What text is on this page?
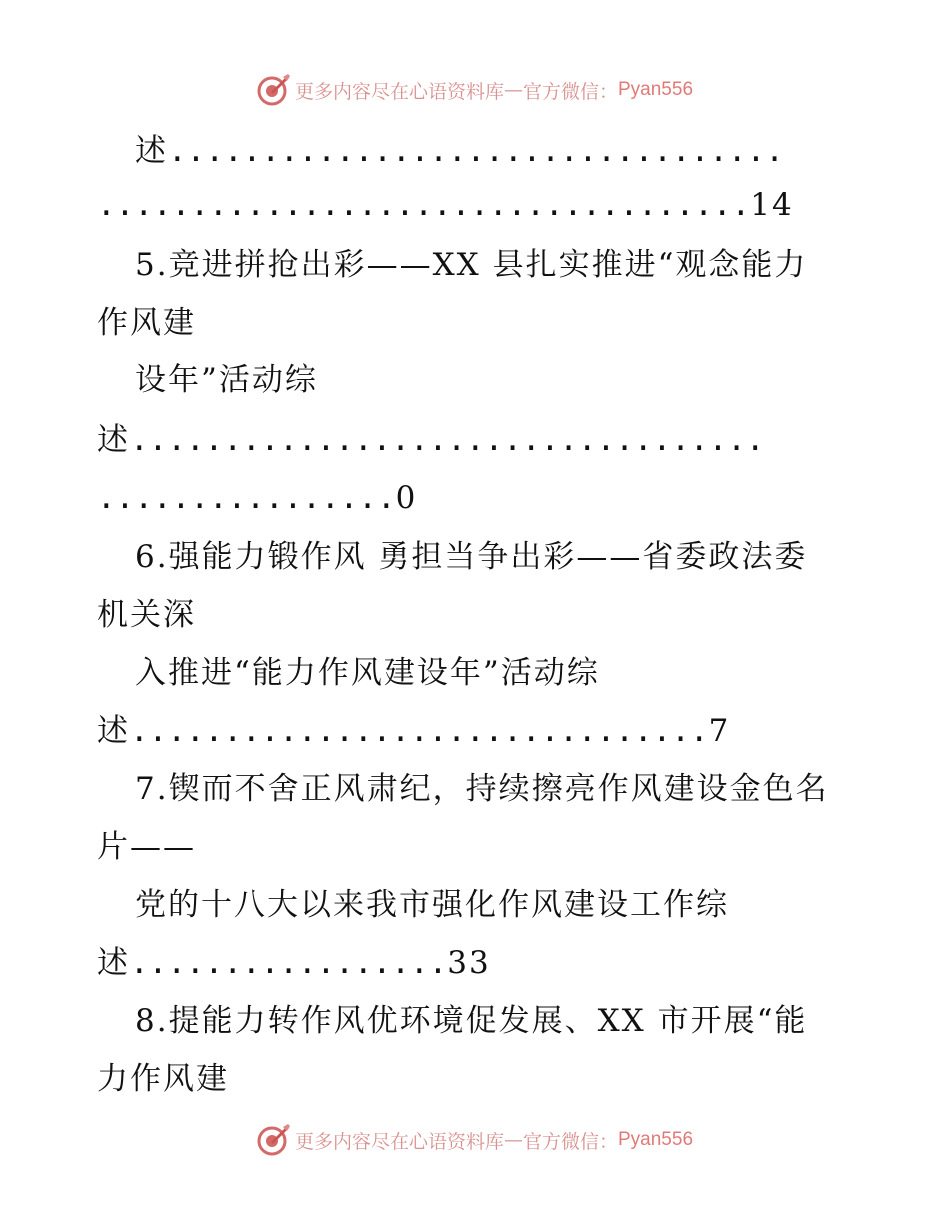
更多内容尽在心语资料库 — 官方微信： Pyan556
述.................................
...................................14
5.竞进拼抢出彩——XX 县扎实推进“观念能力
作风建
设年”活动综
述..................................
................0
6.强能力锻作风 勇担当争出彩——省委政法委
机关深
入推进“能力作风建设年”活动综
述...............................7
7.锲而不舍正风肃纪，持续擦亮作风建设金色名
片——
党的十八大以来我市强化作风建设工作综
述.................33
8.提能力转作风优环境促发展、XX 市开展“能
力作风建
更多内容尽在心语资料库 — 官方微信： Pyan556
